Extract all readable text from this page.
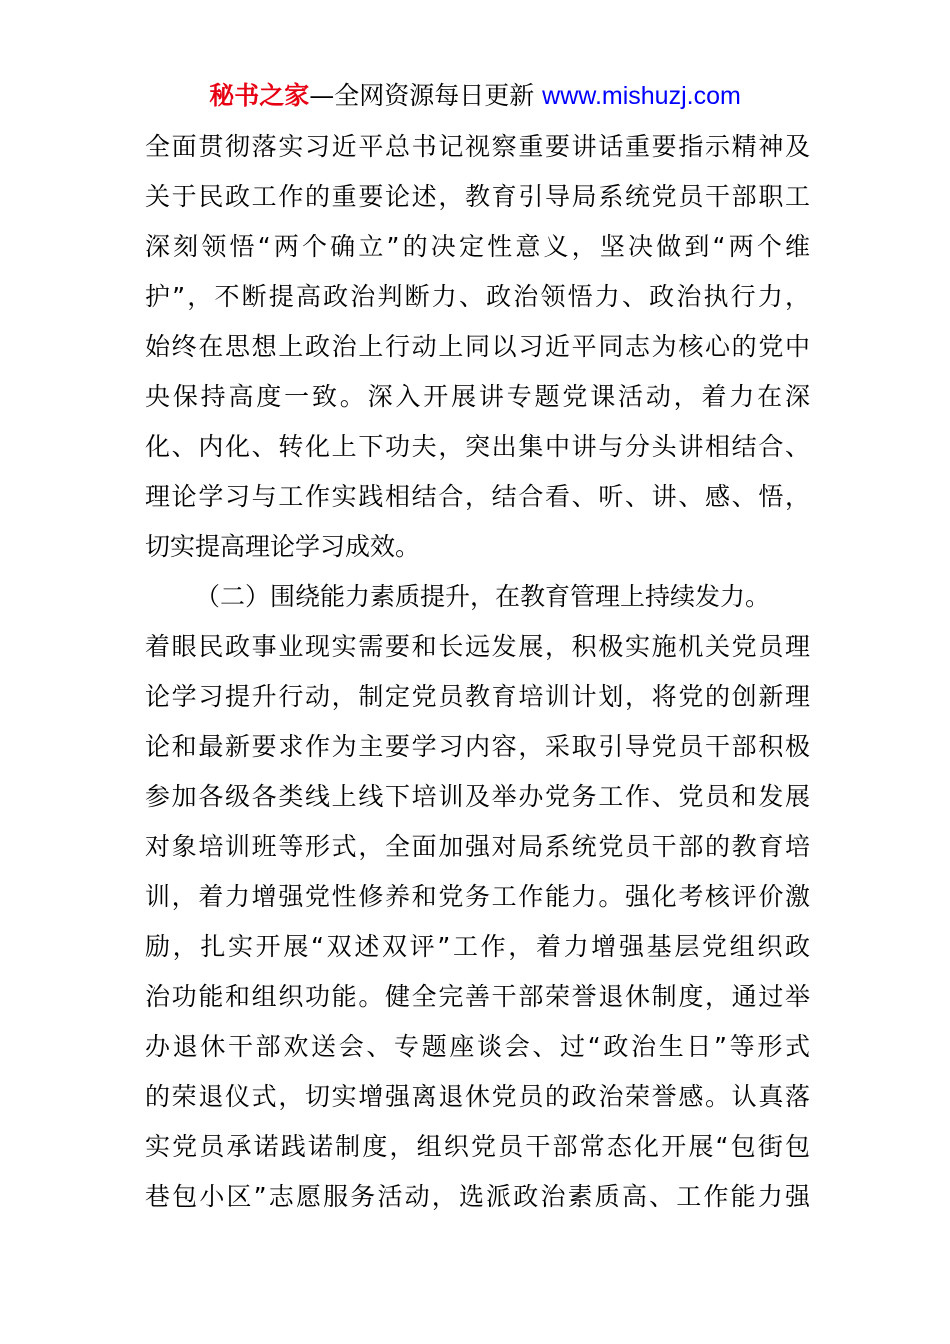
秘书之家—全网资源每日更新 www.mishuzj.com
全面贯彻落实习近平总书记视察重要讲话重要指示精神及
关于民政工作的重要论述，教育引导局系统党员干部职工
深刻领悟“两个确立”的决定性意义，坚决做到“两个维
护”，不断提高政治判断力、政治领悟力、政治执行力，
始终在思想上政治上行动上同以习近平同志为核心的党中
央保持高度一致。深入开展讲专题党课活动，着力在深
化、内化、转化上下功夫，突出集中讲与分头讲相结合、
理论学习与工作实践相结合，结合看、听、讲、感、悟，
切实提高理论学习成效。
（二）围绕能力素质提升，在教育管理上持续发力。
着眼民政事业现实需要和长远发展，积极实施机关党员理
论学习提升行动，制定党员教育培训计划，将党的创新理
论和最新要求作为主要学习内容，采取引导党员干部积极
参加各级各类线上线下培训及举办党务工作、党员和发展
对象培训班等形式，全面加强对局系统党员干部的教育培
训，着力增强党性修养和党务工作能力。强化考核评价激
励，扎实开展“双述双评”工作，着力增强基层党组织政
治功能和组织功能。健全完善干部荣誉退休制度，通过举
办退休干部欢送会、专题座谈会、过“政治生日”等形式
的荣退仪式，切实增强离退休党员的政治荣誉感。认真落
实党员承诺践诺制度，组织党员干部常态化开展“包街包
巷包小区”志愿服务活动，选派政治素质高、工作能力强
